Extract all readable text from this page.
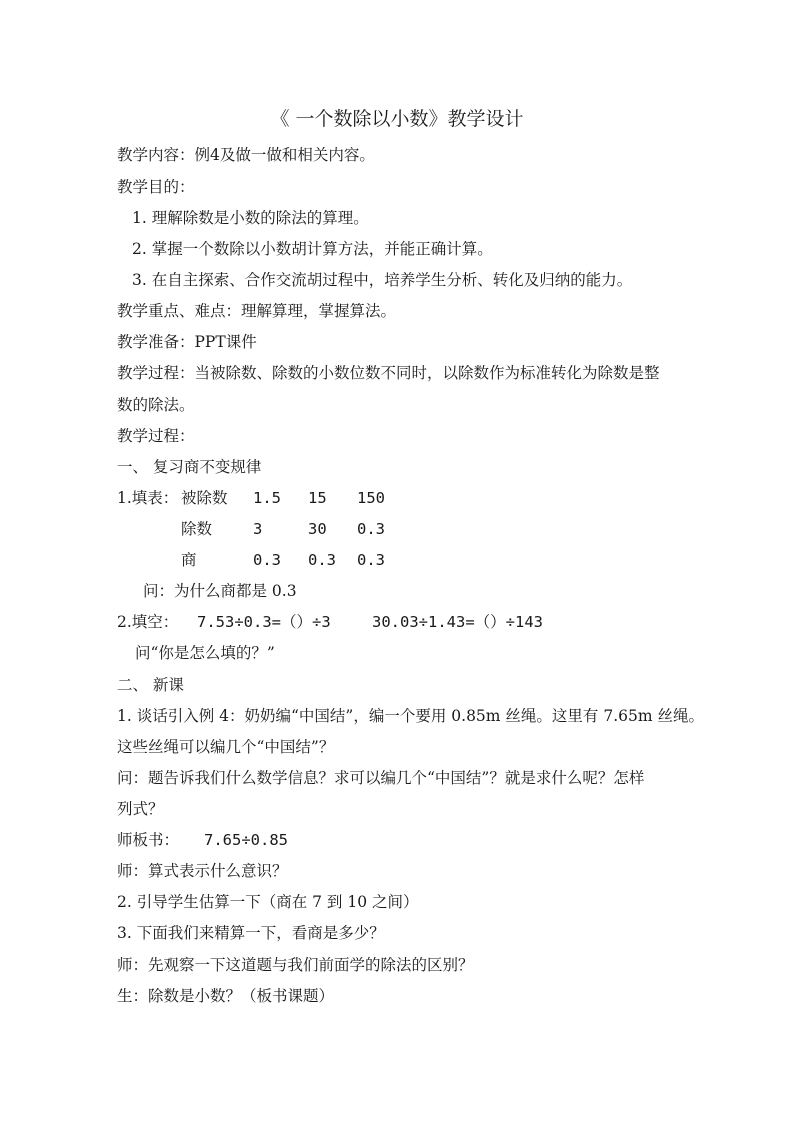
《 一个数除以小数》教学设计
教学内容：例4及做一做和相关内容。
教学目的：
1. 理解除数是小数的除法的算理。
2. 掌握一个数除以小数胡计算方法，并能正确计算。
3. 在自主探索、合作交流胡过程中，培养学生分析、转化及归纳的能力。
教学重点、难点：理解算理，掌握算法。
教学准备：PPT课件
教学过程：当被除数、除数的小数位数不同时，以除数作为标准转化为除数是整
数的除法。
教学过程：
一、 复习商不变规律
1.填表： 被除数 1.5 15 150
除数	3	30 0.3
商	0.3 0.3 0.3
问：为什么商都是 0.3
2.填空： 7.53÷0.3=（）÷3	30.03÷1.43=（）÷143
问“你是怎么填的？”
二、 新课
1. 谈话引入例 4：奶奶编“中国结”，编一个要用 0.85m 丝绳。这里有 7.65m 丝绳。
这些丝绳可以编几个“中国结”？
问：题告诉我们什么数学信息？求可以编几个“中国结”？就是求什么呢？怎样
列式？
师板书： 7.65÷0.85
师：算式表示什么意识？
2. 引导学生估算一下（商在 7 到 10 之间）
3. 下面我们来精算一下，看商是多少？
师：先观察一下这道题与我们前面学的除法的区别？
生：除数是小数？（板书课题）
